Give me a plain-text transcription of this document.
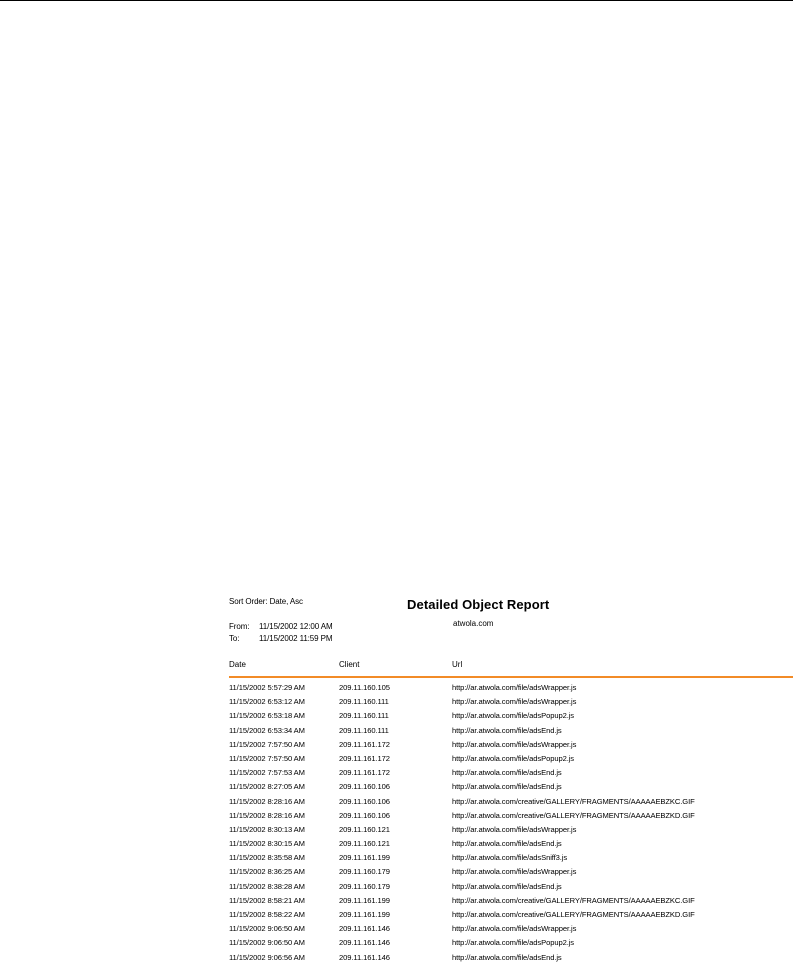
Sort Order: Date, Asc	Detailed Object Report
atwola.com
From: 11/15/2002 12:00 AM
To: 11/15/2002 11:59 PM
Date	Client	Url
11/15/2002 5:57:29 AM	209.11.160.105	http://ar.atwola.com/file/adsWrapper.js
11/15/2002 6:53:12 AM	209.11.160.111	http://ar.atwola.com/file/adsWrapper.js
11/15/2002 6:53:18 AM	209.11.160.111	http://ar.atwola.com/file/adsPopup2.js
11/15/2002 6:53:34 AM	209.11.160.111	http://ar.atwola.com/file/adsEnd.js
11/15/2002 7:57:50 AM	209.11.161.172	http://ar.atwola.com/file/adsWrapper.js
11/15/2002 7:57:50 AM	209.11.161.172	http://ar.atwola.com/file/adsPopup2.js
11/15/2002 7:57:53 AM	209.11.161.172	http://ar.atwola.com/file/adsEnd.js
11/15/2002 8:27:05 AM	209.11.160.106	http://ar.atwola.com/file/adsEnd.js
11/15/2002 8:28:16 AM	209.11.160.106	http://ar.atwola.com/creative/GALLERY/FRAGMENTS/AAAAAEBZKC.GIF
11/15/2002 8:28:16 AM	209.11.160.106	http://ar.atwola.com/creative/GALLERY/FRAGMENTS/AAAAAEBZKD.GIF
11/15/2002 8:30:13 AM	209.11.160.121	http://ar.atwola.com/file/adsWrapper.js
11/15/2002 8:30:15 AM	209.11.160.121	http://ar.atwola.com/file/adsEnd.js
11/15/2002 8:35:58 AM	209.11.161.199	http://ar.atwola.com/file/adsSniff3.js
11/15/2002 8:36:25 AM	209.11.160.179	http://ar.atwola.com/file/adsWrapper.js
11/15/2002 8:38:28 AM	209.11.160.179	http://ar.atwola.com/file/adsEnd.js
11/15/2002 8:58:21 AM	209.11.161.199	http://ar.atwola.com/creative/GALLERY/FRAGMENTS/AAAAAEBZKC.GIF
11/15/2002 8:58:22 AM	209.11.161.199	http://ar.atwola.com/creative/GALLERY/FRAGMENTS/AAAAAEBZKD.GIF
11/15/2002 9:06:50 AM	209.11.161.146	http://ar.atwola.com/file/adsWrapper.js
11/15/2002 9:06:50 AM	209.11.161.146	http://ar.atwola.com/file/adsPopup2.js
11/15/2002 9:06:56 AM	209.11.161.146	http://ar.atwola.com/file/adsEnd.js
